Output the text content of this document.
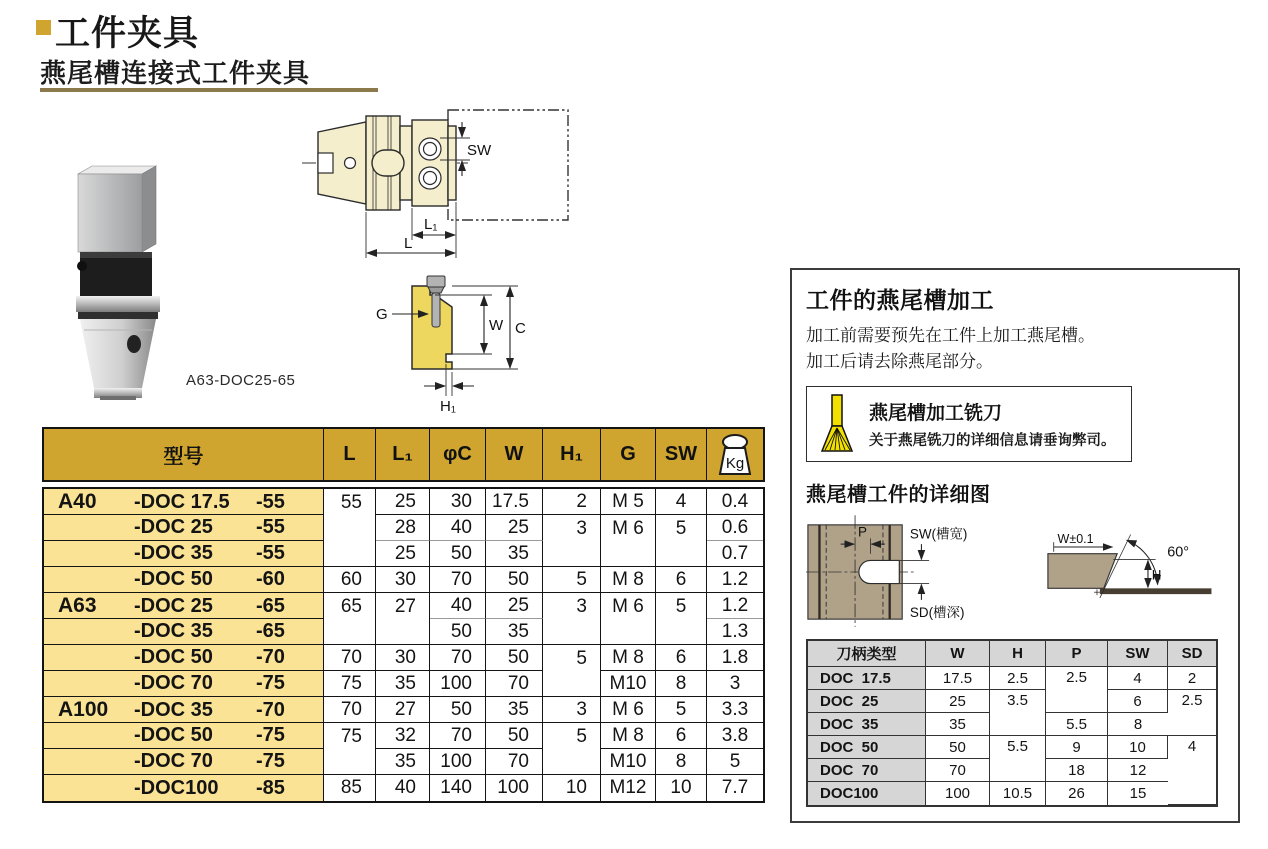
工件夹具
燕尾槽连接式工件夹具
A63-DOC25-65
SW
L₁
L
G
W C
H₁
型号	L	L₁	φC	W	H₁	G	SW	Kg
A40 -DOC 17.5 -55	55	25	30	17.5	2	M 5	4	0.4

-DOC 25 -55		28	40	25	3	M 6	5	0.6

-DOC 35 -55		25	50	35				0.7

-DOC 50 -60	60	30	70	50	5	M 8	6	1.2

A63 -DOC 25 -65	65	27	40	25	3	M 6	5	1.2

-DOC 35 -65			50	35				1.3

-DOC 50 -70	70	30	70	50	5	M 8	6	1.8

-DOC 70 -75	75	35	100	70		M10	8	3

A100 -DOC 35 -70	70	27	50	35	3	M 6	5	3.3

-DOC 50 -75	75	32	70	50	5	M 8	6	3.8

-DOC 70 -75		35	100	70		M10	8	5

-DOC100 -85	85	40	140	100	10	M12	10	7.7
工件的燕尾槽加工
加工前需要预先在工件上加工燕尾槽。
加工后请去除燕尾部分。
燕尾槽加工铣刀
关于燕尾铣刀的详细信息请垂询弊司。
燕尾槽工件的详细图
P	SW(槽宽)
SD(槽深)
W±0.1
60°
H
刀柄类型	W	H	P	SW	SD
DOC  17.5	17.5	2.5	2.5	4	2
DOC  25	25	3.5		6	2.5
DOC  35	35		5.5	8	
DOC  50	50	5.5	9	10	4
DOC  70	70		18	12	
DOC100	100	10.5	26	15	
